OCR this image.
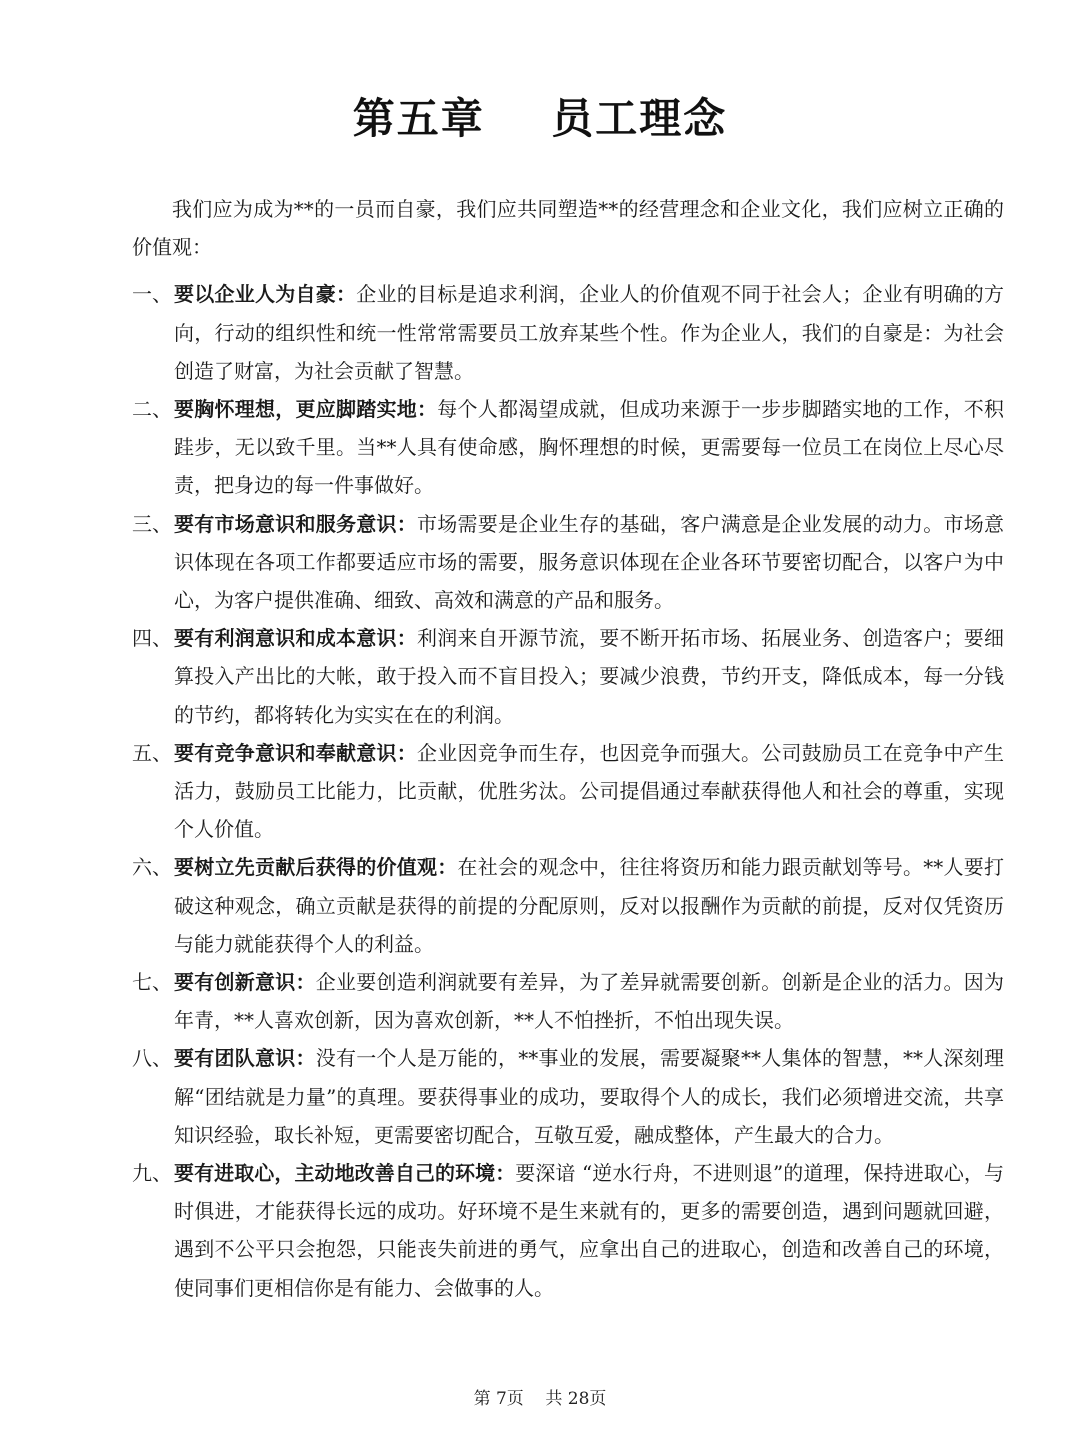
第五章    员工理念

我们应为成为**的一员而自豪，我们应共同塑造**的经营理念和企业文化，我们应树立正确的价值观：

一、 要以企业人为自豪：企业的目标是追求利润，企业人的价值观不同于社会人；企业有明确的方向，行动的组织性和统一性常常需要员工放弃某些个性。作为企业人，我们的自豪是：为社会创造了财富，为社会贡献了智慧。
二、 要胸怀理想，更应脚踏实地：每个人都渴望成就，但成功来源于一步步脚踏实地的工作，不积跬步，无以致千里。当**人具有使命感，胸怀理想的时候，更需要每一位员工在岗位上尽心尽责，把身边的每一件事做好。
三、 要有市场意识和服务意识：市场需要是企业生存的基础，客户满意是企业发展的动力。市场意识体现在各项工作都要适应市场的需要，服务意识体现在企业各环节要密切配合，以客户为中心，为客户提供准确、细致、高效和满意的产品和服务。
四、 要有利润意识和成本意识：利润来自开源节流，要不断开拓市场、拓展业务、创造客户；要细算投入产出比的大帐，敢于投入而不盲目投入；要减少浪费，节约开支，降低成本，每一分钱的节约，都将转化为实实在在的利润。
五、 要有竞争意识和奉献意识：企业因竞争而生存，也因竞争而强大。公司鼓励员工在竞争中产生活力，鼓励员工比能力，比贡献，优胜劣汰。公司提倡通过奉献获得他人和社会的尊重，实现个人价值。
六、 要树立先贡献后获得的价值观：在社会的观念中，往往将资历和能力跟贡献划等号。**人要打破这种观念，确立贡献是获得的前提的分配原则，反对以报酬作为贡献的前提，反对仅凭资历与能力就能获得个人的利益。
七、 要有创新意识：企业要创造利润就要有差异，为了差异就需要创新。创新是企业的活力。因为年青，**人喜欢创新，因为喜欢创新，**人不怕挫折，不怕出现失误。
八、 要有团队意识：没有一个人是万能的，**事业的发展，需要凝聚**人集体的智慧，**人深刻理解“团结就是力量”的真理。要获得事业的成功，要取得个人的成长，我们必须增进交流，共享知识经验，取长补短，更需要密切配合，互敬互爱，融成整体，产生最大的合力。
九、 要有进取心，主动地改善自己的环境：要深谙 “逆水行舟，不进则退”的道理，保持进取心，与时俱进，才能获得长远的成功。好环境不是生来就有的，更多的需要创造，遇到问题就回避，遇到不公平只会抱怨，只能丧失前进的勇气，应拿出自己的进取心，创造和改善自己的环境，使同事们更相信你是有能力、会做事的人。
第 7页    共 28页
